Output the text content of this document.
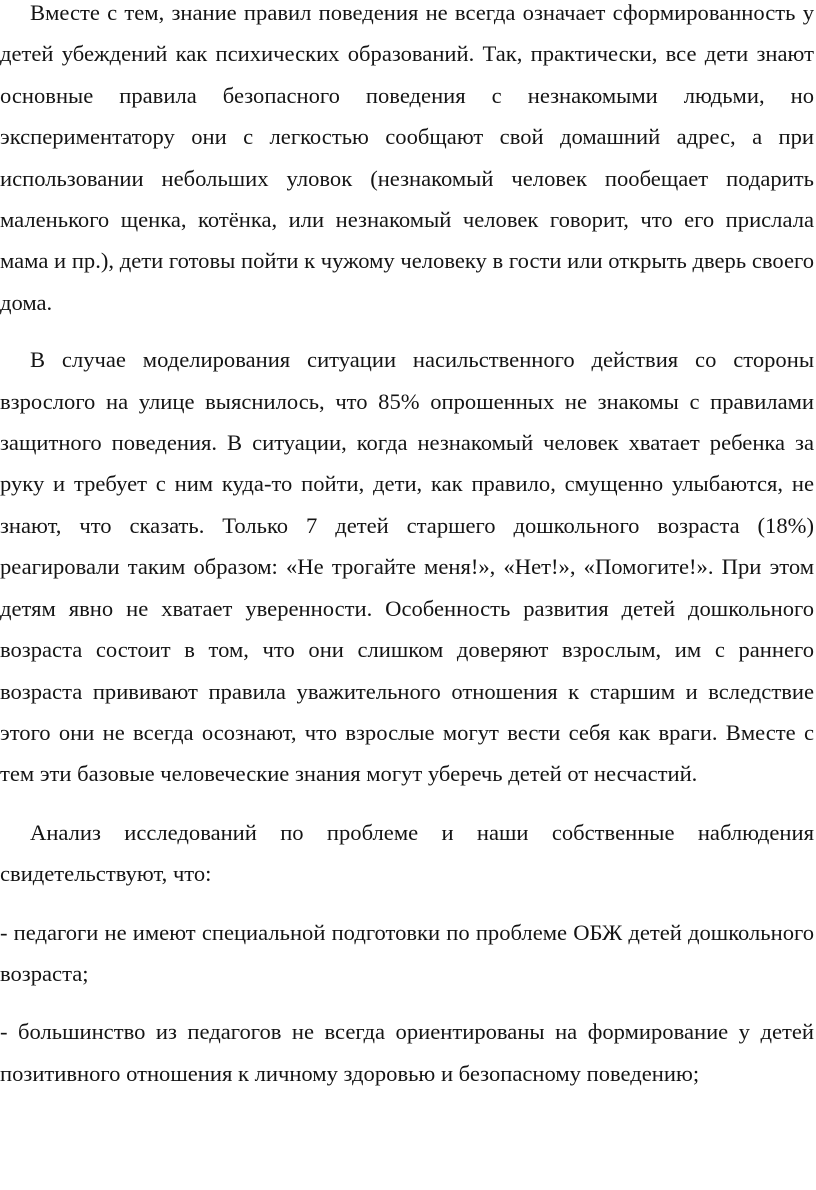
Вместе с тем, знание правил поведения не всегда означает сформированность у детей убеждений как психических образований. Так, практически, все дети знают основные правила безопасного поведения с незнакомыми людьми, но экспериментатору они с легкостью сообщают свой домашний адрес, а при использовании небольших уловок (незнакомый человек пообещает подарить маленького щенка, котёнка, или незнакомый человек говорит, что его прислала мама и пр.), дети готовы пойти к чужому человеку в гости или открыть дверь своего дома.

В случае моделирования ситуации насильственного действия со стороны взрослого на улице выяснилось, что 85% опрошенных не знакомы с правилами защитного поведения. В ситуации, когда незнакомый человек хватает ребенка за руку и требует с ним куда-то пойти, дети, как правило, смущенно улыбаются, не знают, что сказать. Только 7 детей старшего дошкольного возраста (18%) реагировали таким образом: «Не трогайте меня!», «Нет!», «Помогите!». При этом детям явно не хватает уверенности. Особенность развития детей дошкольного возраста состоит в том, что они слишком доверяют взрослым, им с раннего возраста прививают правила уважительного отношения к старшим и вследствие этого они не всегда осознают, что взрослые могут вести себя как враги. Вместе с тем эти базовые человеческие знания могут уберечь детей от несчастий.

Анализ исследований по проблеме и наши собственные наблюдения свидетельствуют, что:

- педагоги не имеют специальной подготовки по проблеме ОБЖ детей дошкольного возраста;

- большинство из педагогов не всегда ориентированы на формирование у детей позитивного отношения к личному здоровью и безопасному поведению;
